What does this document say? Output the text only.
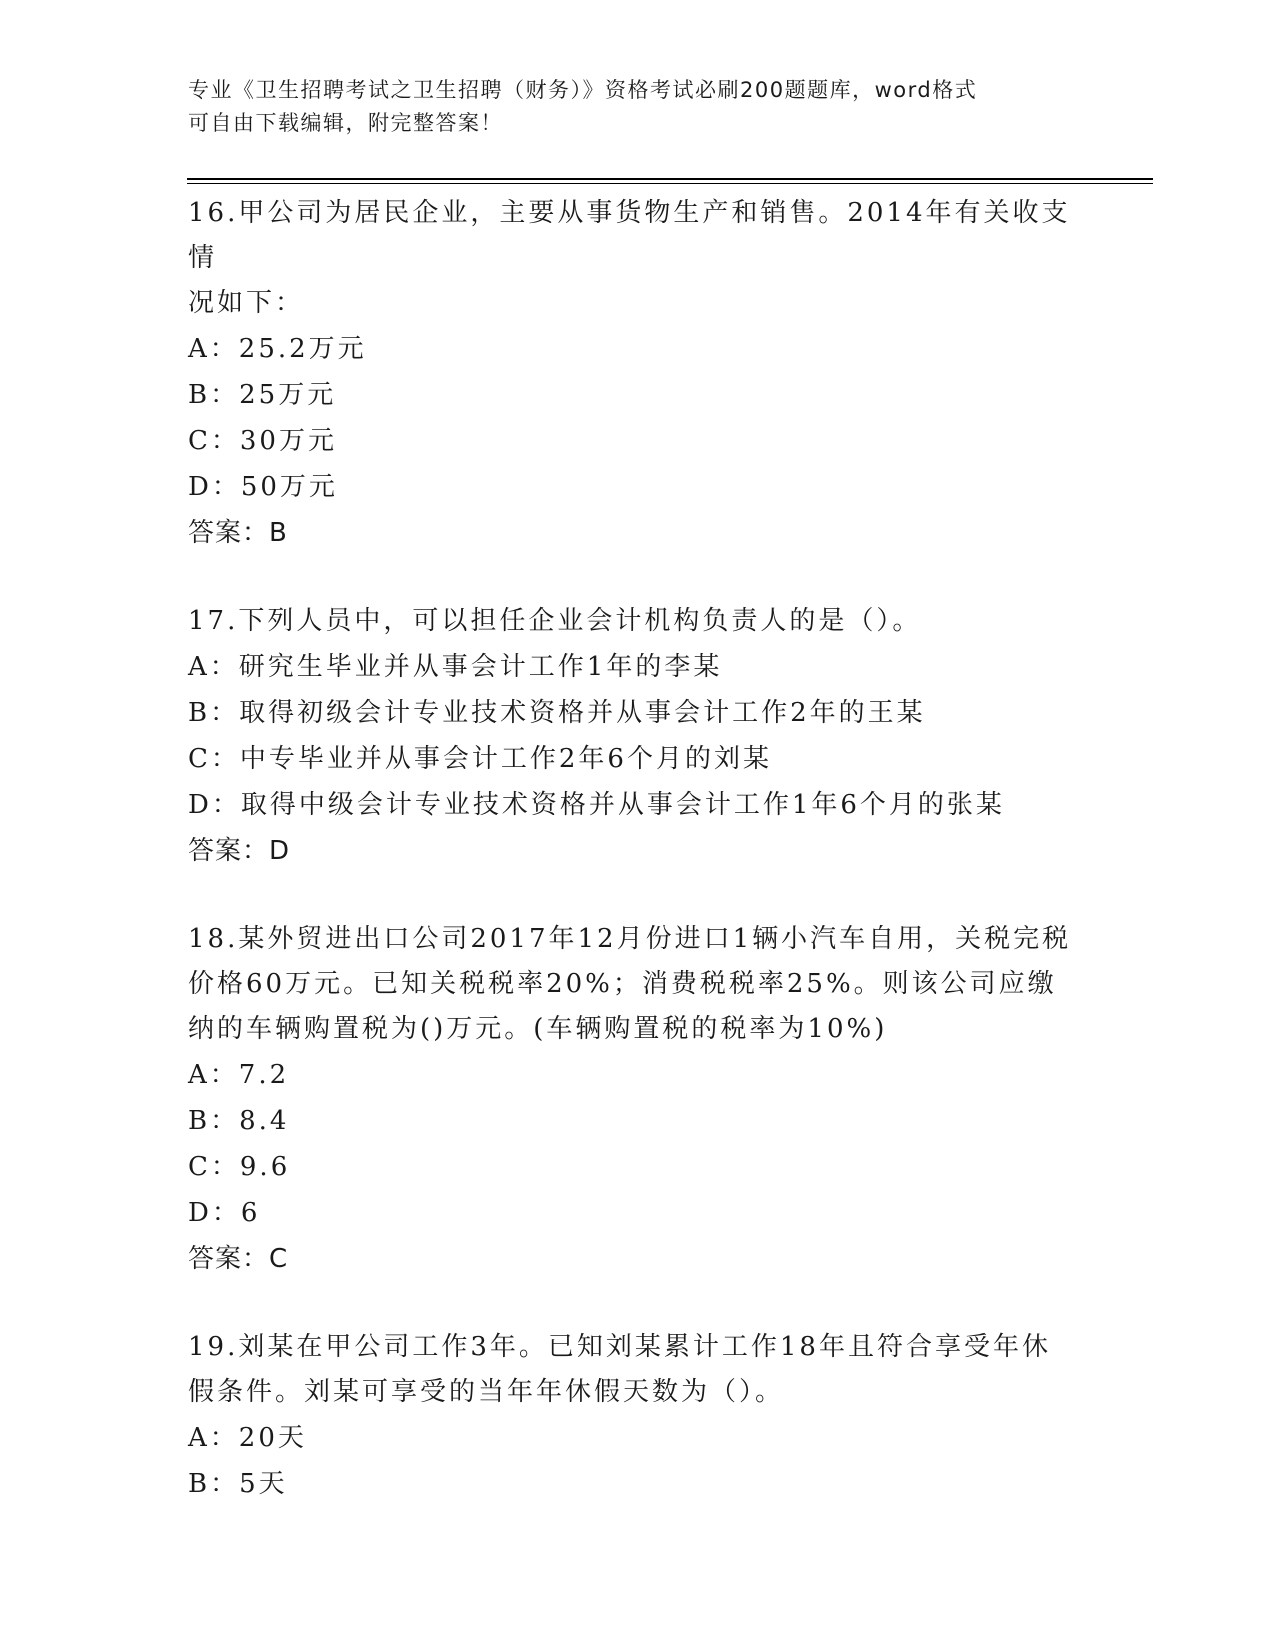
专业《卫生招聘考试之卫生招聘（财务）》资格考试必刷200题题库，word格式
可自由下载编辑，附完整答案！
16.甲公司为居民企业，主要从事货物生产和销售。2014年有关收支情
况如下：
A：25.2万元
B：25万元
C：30万元
D：50万元
答案：B
17.下列人员中，可以担任企业会计机构负责人的是（）。
A：研究生毕业并从事会计工作1年的李某
B：取得初级会计专业技术资格并从事会计工作2年的王某
C：中专毕业并从事会计工作2年6个月的刘某
D：取得中级会计专业技术资格并从事会计工作1年6个月的张某
答案：D
18.某外贸进出口公司2017年12月份进口1辆小汽车自用，关税完税
价格60万元。已知关税税率20%；消费税税率25%。则该公司应缴
纳的车辆购置税为()万元。(车辆购置税的税率为10%)
A：7.2
B：8.4
C：9.6
D：6
答案：C
19.刘某在甲公司工作3年。已知刘某累计工作18年且符合享受年休
假条件。刘某可享受的当年年休假天数为（）。
A：20天
B：5天
